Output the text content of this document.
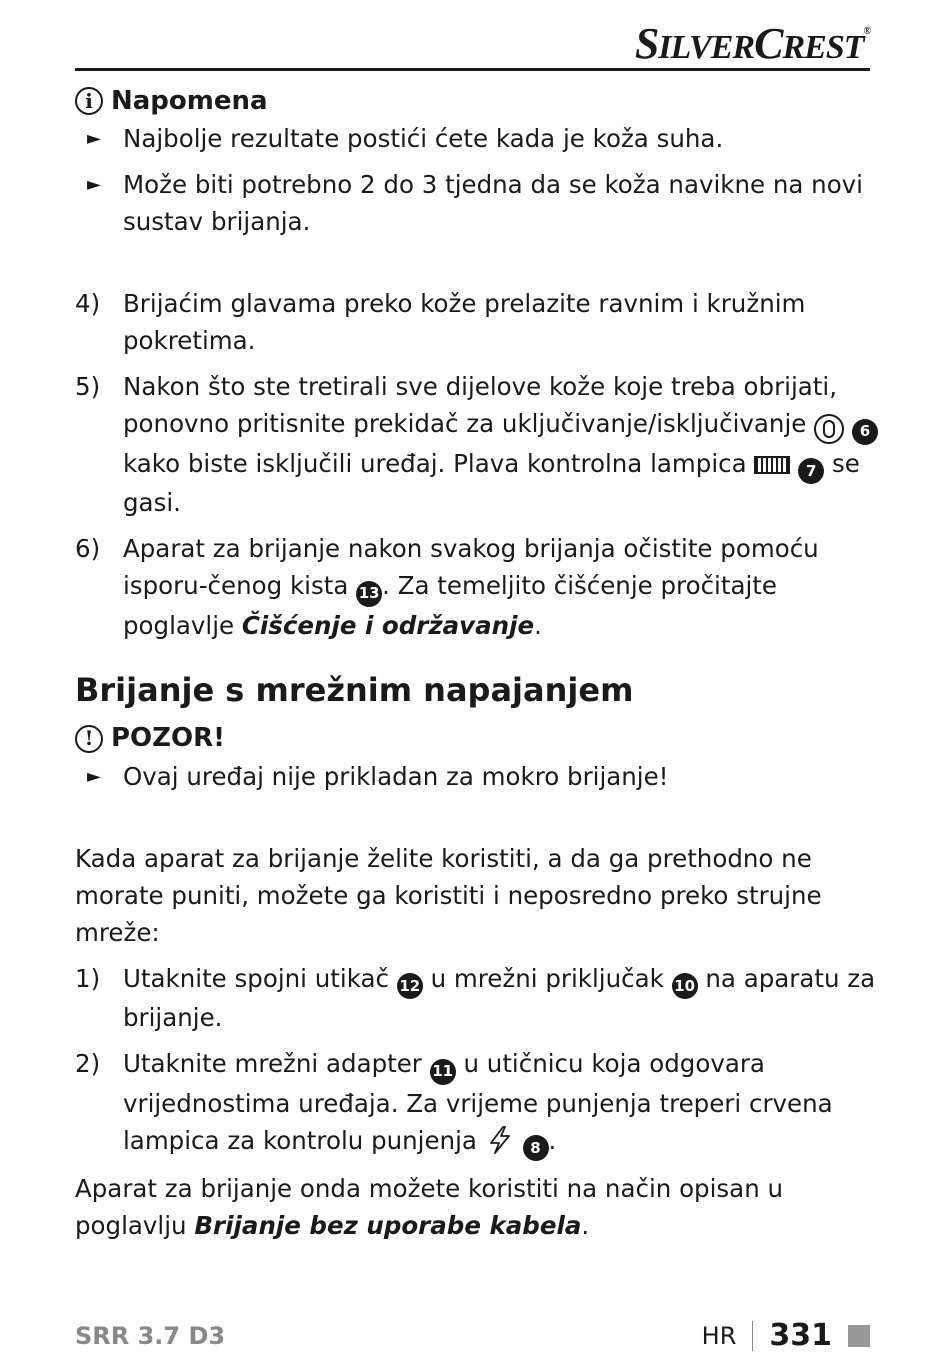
SILVERCREST®
i Napomena
► Najbolje rezultate postići ćete kada je koža suha.
► Može biti potrebno 2 do 3 tjedna da se koža navikne na novi sustav brijanja.
4) Brijaćim glavama preko kože prelazite ravnim i kružnim pokretima.
5) Nakon što ste tretirali sve dijelove kože koje treba obrijati, ponovno pritisnite prekidač za uključivanje/isključivanje	6 kako biste isključili uređaj. Plava kontrolna lampica	7 se gasi.
6) Aparat za brijanje nakon svakog brijanja očistite pomoću isporu-čenog kista 13 . Za temeljito čišćenje pročitajte poglavlje Čišćenje i održavanje.
Brijanje s mrežnim napajanjem
! POZOR!
► Ovaj uređaj nije prikladan za mokro brijanje!
Kada aparat za brijanje želite koristiti, a da ga prethodno ne morate puniti, možete ga koristiti i neposredno preko strujne mreže:
1) Utaknite spojni utikač 12 u mrežni priključak 10 na aparatu za brijanje.
2) Utaknite mrežni adapter 11 u utičnicu koja odgovara vrijednostima uređaja. Za vrijeme punjenja treperi crvena lampica za kontrolu punjenja	8 .
Aparat za brijanje onda možete koristiti na način opisan u poglavlju Brijanje bez uporabe kabela.
SRR 3.7 D3	HR 331
